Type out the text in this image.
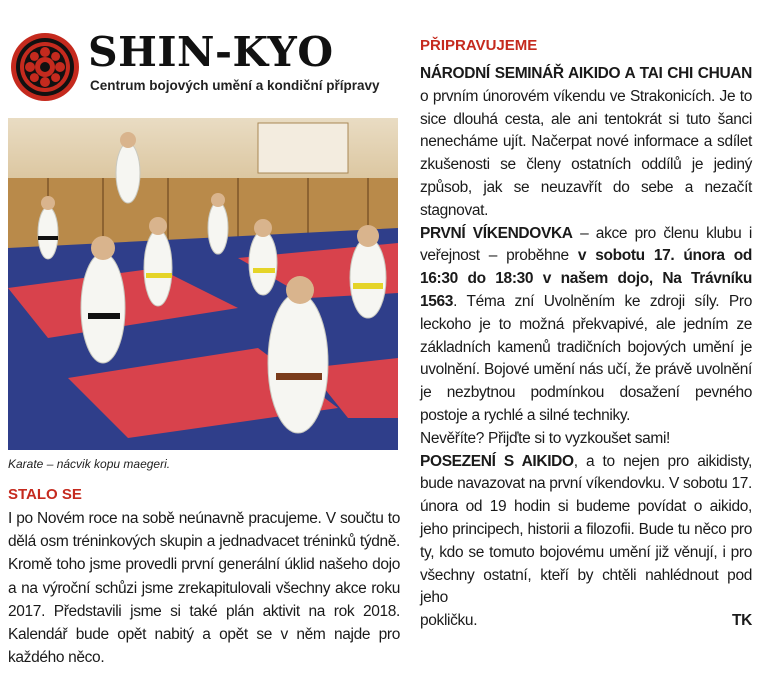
SHIN-KYO
Centrum bojových umění a kondiční přípravy
Karate – nácvik kopu maegeri.
STALO SE

I po Novém roce na sobě neúnavně pracujeme. V součtu to dělá osm tréninkových skupin a jednadvacet tréninků týdně. Kromě toho jsme provedli první generální úklid našeho dojo a na výroční schůzi jsme zrekapitulovali všechny akce roku 2017. Představili jsme si také plán aktivit na rok 2018. Kalendář bude opět nabitý a opět se v něm najde pro každého něco.

PŘIPRAVUJEME

NÁRODNÍ SEMINÁŘ AIKIDO A TAI CHI CHUAN o prvním únorovém víkendu ve Strakonicích. Je to sice dlouhá cesta, ale ani tentokrát si tuto šanci nenecháme ujít. Načerpat nové informace a sdílet zkušenosti se členy ostatních oddílů je jediný způsob, jak se neuzavřít do sebe a nezačít stagnovat.

PRVNÍ VÍKENDOVKA – akce pro členu klubu i veřejnost – proběhne v sobotu 17. února od 16:30 do 18:30 v našem dojo, Na Trávníku 1563. Téma zní Uvolněním ke zdroji síly. Pro leckoho je to možná překvapivé, ale jedním ze základních kamenů tradičních bojových umění je uvolnění. Bojové umění nás učí, že právě uvolnění je nezbytnou podmínkou dosažení pevného postoje a rychlé a silné techniky.

Nevěříte? Přijďte si to vyzkoušet sami!

POSEZENÍ S AIKIDO, a to nejen pro aikidisty, bude navazovat na první víkendovku. V sobotu 17. února od 19 hodin si budeme povídat o aikido, jeho principech, historii a filozofii. Bude tu něco pro ty, kdo se tomuto bojovému umění již věnují, i pro všechny ostatní, kteří by chtěli nahlédnout pod jeho

pokličku.	TK
